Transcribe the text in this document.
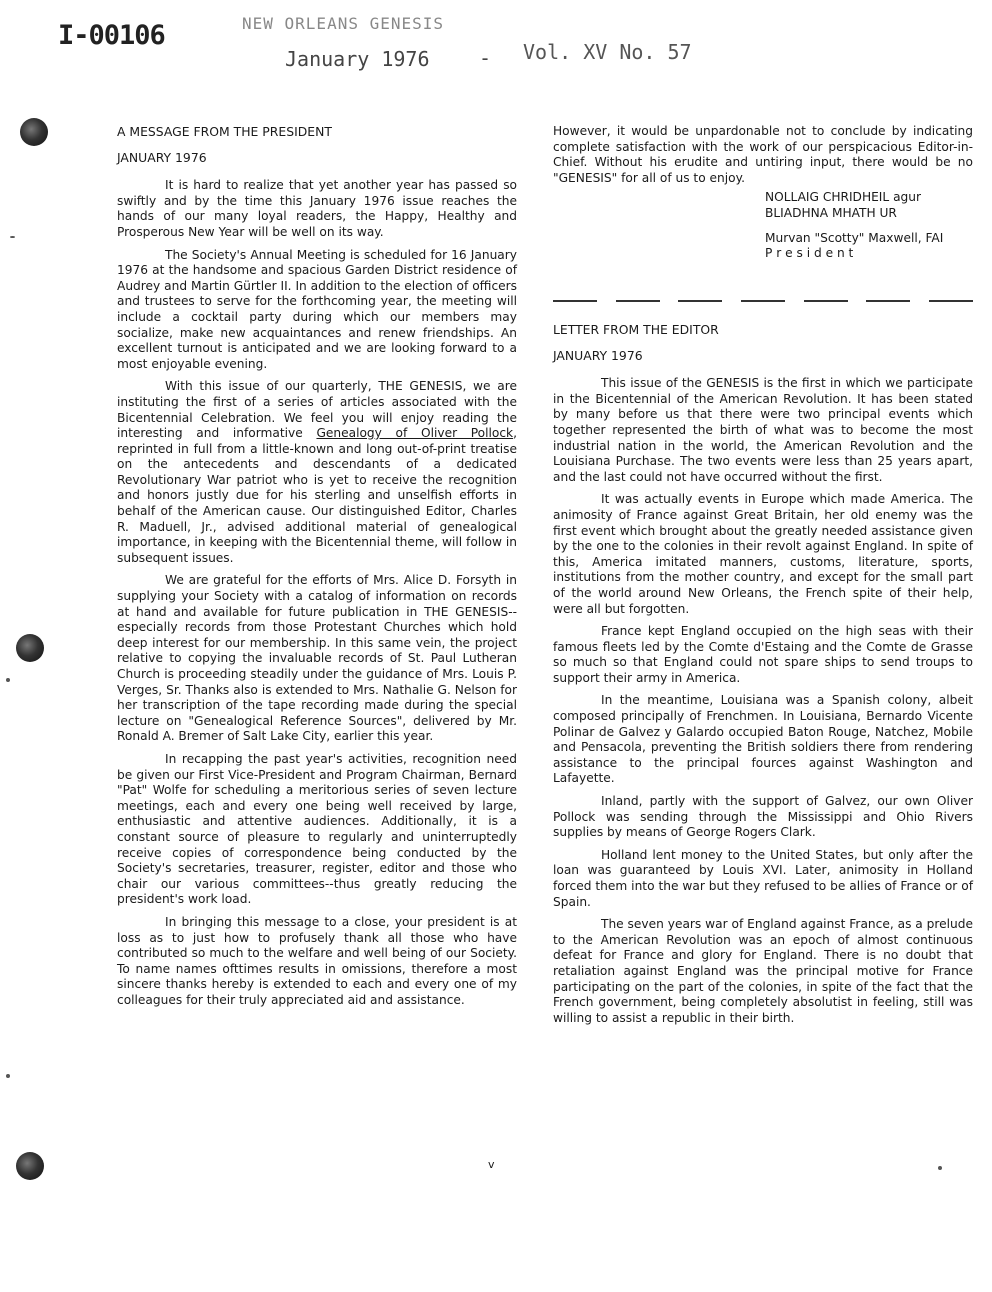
I-00106	NEW ORLEANS GENESIS
January 1976 - Vol. XV No. 57

A MESSAGE FROM THE PRESIDENT

JANUARY 1976

It is hard to realize that yet another year has passed so swiftly and by the time this January 1976 issue reaches the hands of our many loyal readers, the Happy, Healthy and Prosperous New Year will be well on its way.

The Society's Annual Meeting is scheduled for 16 January 1976 at the handsome and spacious Garden District residence of Audrey and Martin Gürtler II. In addition to the election of officers and trustees to serve for the forthcoming year, the meeting will include a cocktail party during which our members may socialize, make new acquaintances and renew friendships. An excellent turnout is anticipated and we are looking forward to a most enjoyable evening.

With this issue of our quarterly, THE GENESIS, we are instituting the first of a series of articles associated with the Bicentennial Celebration. We feel you will enjoy reading the interesting and informative Genealogy of Oliver Pollock, reprinted in full from a little-known and long out-of-print treatise on the antecedents and descendants of a dedicated Revolutionary War patriot who is yet to receive the recognition and honors justly due for his sterling and unselfish efforts in behalf of the American cause. Our distinguished Editor, Charles R. Maduell, Jr., advised additional material of genealogical importance, in keeping with the Bicentennial theme, will follow in subsequent issues.

We are grateful for the efforts of Mrs. Alice D. Forsyth in supplying your Society with a catalog of information on records at hand and available for future publication in THE GENESIS--especially records from those Protestant Churches which hold deep interest for our membership. In this same vein, the project relative to copying the invaluable records of St. Paul Lutheran Church is proceeding steadily under the guidance of Mrs. Louis P. Verges, Sr. Thanks also is extended to Mrs. Nathalie G. Nelson for her transcription of the tape recording made during the special lecture on "Genealogical Reference Sources", delivered by Mr. Ronald A. Bremer of Salt Lake City, earlier this year.

In recapping the past year's activities, recognition need be given our First Vice-President and Program Chairman, Bernard "Pat" Wolfe for scheduling a meritorious series of seven lecture meetings, each and every one being well received by large, enthusiastic and attentive audiences. Additionally, it is a constant source of pleasure to regularly and uninterruptedly receive copies of correspondence being conducted by the Society's secretaries, treasurer, register, editor and those who chair our various committees--thus greatly reducing the president's work load.

In bringing this message to a close, your president is at loss as to just how to profusely thank all those who have contributed so much to the welfare and well being of our Society. To name names ofttimes results in omissions, therefore a most sincere thanks hereby is extended to each and every one of my colleagues for their truly appreciated aid and assistance.

However, it would be unpardonable not to conclude by indicating complete satisfaction with the work of our perspicacious Editor-in-Chief. Without his erudite and untiring input, there would be no "GENESIS" for all of us to enjoy.

NOLLAIG CHRIDHEIL agur
BLIADHNA MHATH UR
Murvan "Scotty" Maxwell, FAI
P r e s i d e n t

LETTER FROM THE EDITOR

JANUARY 1976

This issue of the GENESIS is the first in which we participate in the Bicentennial of the American Revolution. It has been stated by many before us that there were two principal events which together represented the birth of what was to become the most industrial nation in the world, the American Revolution and the Louisiana Purchase. The two events were less than 25 years apart, and the last could not have occurred without the first.

It was actually events in Europe which made America. The animosity of France against Great Britain, her old enemy was the first event which brought about the greatly needed assistance given by the one to the colonies in their revolt against England. In spite of this, America imitated manners, customs, literature, sports, institutions from the mother country, and except for the small part of the world around New Orleans, the French spite of their help, were all but forgotten.

France kept England occupied on the high seas with their famous fleets led by the Comte d'Estaing and the Comte de Grasse so much so that England could not spare ships to send troups to support their army in America.

In the meantime, Louisiana was a Spanish colony, albeit composed principally of Frenchmen. In Louisiana, Bernardo Vicente Polinar de Galvez y Galardo occupied Baton Rouge, Natchez, Mobile and Pensacola, preventing the British soldiers there from rendering assistance to the principal fources against Washington and Lafayette.

Inland, partly with the support of Galvez, our own Oliver Pollock was sending through the Mississippi and Ohio Rivers supplies by means of George Rogers Clark.

Holland lent money to the United States, but only after the loan was guaranteed by Louis XVI. Later, animosity in Holland forced them into the war but they refused to be allies of France or of Spain.

The seven years war of England against France, as a prelude to the American Revolution was an epoch of almost continuous defeat for France and glory for England. There is no doubt that retaliation against England was the principal motive for France participating on the part of the colonies, in spite of the fact that the French government, being completely absolutist in feeling, still was willing to assist a republic in their birth.

v
